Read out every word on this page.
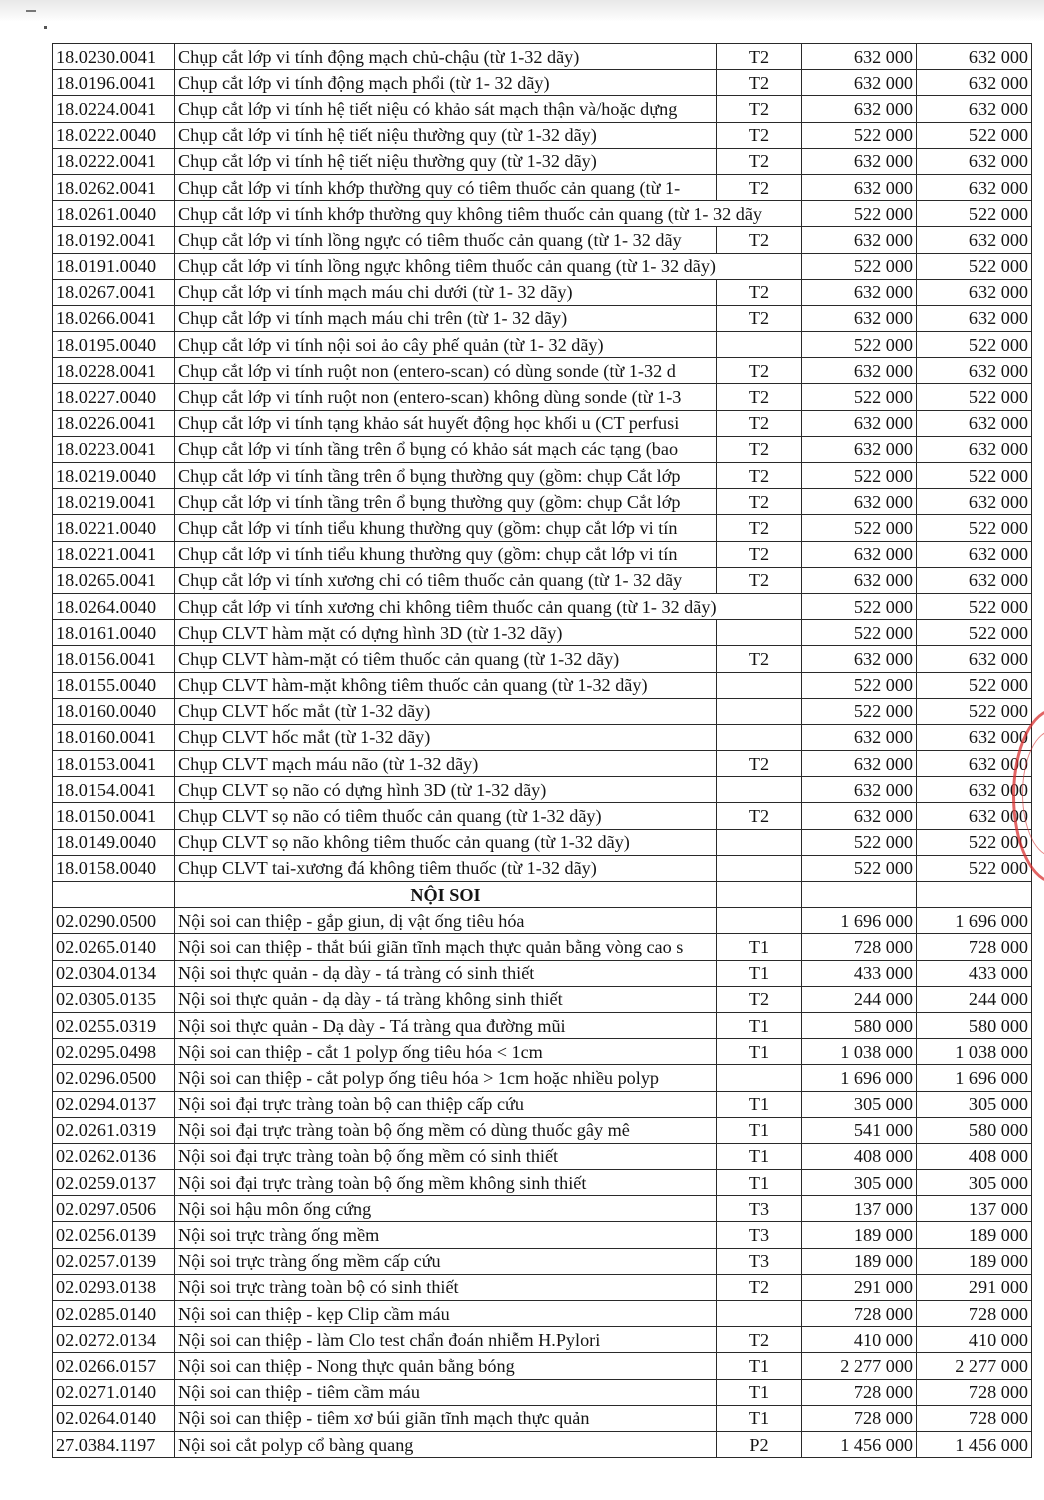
18.0230.0041	Chụp cắt lớp vi tính động mạch chủ-chậu (từ 1-32 dãy)	T2	632 000	632 000
18.0196.0041	Chụp cắt lớp vi tính động mạch phổi (từ 1- 32 dãy)	T2	632 000	632 000
18.0224.0041	Chụp cắt lớp vi tính hệ tiết niệu có khảo sát mạch thận và/hoặc dựng	T2	632 000	632 000
18.0222.0040	Chụp cắt lớp vi tính hệ tiết niệu thường quy (từ 1-32 dãy)	T2	522 000	522 000
18.0222.0041	Chụp cắt lớp vi tính hệ tiết niệu thường quy (từ 1-32 dãy)	T2	632 000	632 000
18.0262.0041	Chụp cắt lớp vi tính khớp thường quy có tiêm thuốc cản quang (từ 1-	T2	632 000	632 000
18.0261.0040	Chụp cắt lớp vi tính khớp thường quy không tiêm thuốc cản quang (từ 1- 32 dãy		522 000	522 000
18.0192.0041	Chụp cắt lớp vi tính lồng ngực có tiêm thuốc cản quang (từ 1- 32 dãy	T2	632 000	632 000
18.0191.0040	Chụp cắt lớp vi tính lồng ngực không tiêm thuốc cản quang (từ 1- 32 dãy)		522 000	522 000
18.0267.0041	Chụp cắt lớp vi tính mạch máu chi dưới (từ 1- 32 dãy)	T2	632 000	632 000
18.0266.0041	Chụp cắt lớp vi tính mạch máu chi trên (từ 1- 32 dãy)	T2	632 000	632 000
18.0195.0040	Chụp cắt lớp vi tính nội soi ảo cây phế quản (từ 1- 32 dãy)		522 000	522 000
18.0228.0041	Chụp cắt lớp vi tính ruột non (entero-scan) có dùng sonde (từ 1-32 d	T2	632 000	632 000
18.0227.0040	Chụp cắt lớp vi tính ruột non (entero-scan) không dùng sonde (từ 1-3	T2	522 000	522 000
18.0226.0041	Chụp cắt lớp vi tính tạng khảo sát huyết động học khối u (CT perfusi	T2	632 000	632 000
18.0223.0041	Chụp cắt lớp vi tính tầng trên ổ bụng có khảo sát mạch các tạng (bao	T2	632 000	632 000
18.0219.0040	Chụp cắt lớp vi tính tầng trên ổ bụng thường quy (gồm: chụp Cắt lớp	T2	522 000	522 000
18.0219.0041	Chụp cắt lớp vi tính tầng trên ổ bụng thường quy (gồm: chụp Cắt lớp	T2	632 000	632 000
18.0221.0040	Chụp cắt lớp vi tính tiểu khung thường quy (gồm: chụp cắt lớp vi tín	T2	522 000	522 000
18.0221.0041	Chụp cắt lớp vi tính tiểu khung thường quy (gồm: chụp cắt lớp vi tín	T2	632 000	632 000
18.0265.0041	Chụp cắt lớp vi tính xương chi có tiêm thuốc cản quang (từ 1- 32 dãy	T2	632 000	632 000
18.0264.0040	Chụp cắt lớp vi tính xương chi không tiêm thuốc cản quang (từ 1- 32 dãy)		522 000	522 000
18.0161.0040	Chụp CLVT hàm mặt có dựng hình 3D (từ 1-32 dãy)		522 000	522 000
18.0156.0041	Chụp CLVT hàm-mặt có tiêm thuốc cản quang (từ 1-32 dãy)	T2	632 000	632 000
18.0155.0040	Chụp CLVT hàm-mặt không tiêm thuốc cản quang (từ 1-32 dãy)		522 000	522 000
18.0160.0040	Chụp CLVT hốc mắt (từ 1-32 dãy)		522 000	522 000
18.0160.0041	Chụp CLVT hốc mắt (từ 1-32 dãy)		632 000	632 000
18.0153.0041	Chụp CLVT mạch máu não (từ 1-32 dãy)	T2	632 000	632 000
18.0154.0041	Chụp CLVT sọ não có dựng hình 3D (từ 1-32 dãy)		632 000	632 000
18.0150.0041	Chụp CLVT sọ não có tiêm thuốc cản quang (từ 1-32 dãy)	T2	632 000	632 000
18.0149.0040	Chụp CLVT sọ não không tiêm thuốc cản quang (từ 1-32 dãy)		522 000	522 000
18.0158.0040	Chụp CLVT tai-xương đá không tiêm thuốc (từ 1-32 dãy)		522 000	522 000
	NỘI SOI			
02.0290.0500	Nội soi can thiệp - gắp giun, dị vật ống tiêu hóa		1 696 000	1 696 000
02.0265.0140	Nội soi can thiệp - thắt búi giãn tĩnh mạch thực quản bằng vòng cao s	T1	728 000	728 000
02.0304.0134	Nội soi thực quản - dạ dày - tá tràng có sinh thiết	T1	433 000	433 000
02.0305.0135	Nội soi thực quản - dạ dày - tá tràng không sinh thiết	T2	244 000	244 000
02.0255.0319	Nội soi thực quản - Dạ dày - Tá tràng qua đường mũi	T1	580 000	580 000
02.0295.0498	Nội soi can thiệp - cắt 1 polyp ống tiêu hóa < 1cm	T1	1 038 000	1 038 000
02.0296.0500	Nội soi can thiệp - cắt polyp ống tiêu hóa > 1cm hoặc nhiều polyp		1 696 000	1 696 000
02.0294.0137	Nội soi đại trực tràng toàn bộ can thiệp cấp cứu	T1	305 000	305 000
02.0261.0319	Nội soi đại trực tràng toàn bộ ống mềm có dùng thuốc gây mê	T1	541 000	580 000
02.0262.0136	Nội soi đại trực tràng toàn bộ ống mềm có sinh thiết	T1	408 000	408 000
02.0259.0137	Nội soi đại trực tràng toàn bộ ống mềm không sinh thiết	T1	305 000	305 000
02.0297.0506	Nội soi hậu môn ống cứng	T3	137 000	137 000
02.0256.0139	Nội soi trực tràng ống mềm	T3	189 000	189 000
02.0257.0139	Nội soi trực tràng ống mềm cấp cứu	T3	189 000	189 000
02.0293.0138	Nội soi trực tràng toàn bộ có sinh thiết	T2	291 000	291 000
02.0285.0140	Nội soi can thiệp - kẹp Clip cầm máu		728 000	728 000
02.0272.0134	Nội soi can thiệp - làm Clo test chẩn đoán nhiễm H.Pylori	T2	410 000	410 000
02.0266.0157	Nội soi can thiệp - Nong thực quản bằng bóng	T1	2 277 000	2 277 000
02.0271.0140	Nội soi can thiệp - tiêm cầm máu	T1	728 000	728 000
02.0264.0140	Nội soi can thiệp - tiêm xơ búi giãn tĩnh mạch thực quản	T1	728 000	728 000
27.0384.1197	Nội soi cắt polyp cổ bàng quang	P2	1 456 000	1 456 000
